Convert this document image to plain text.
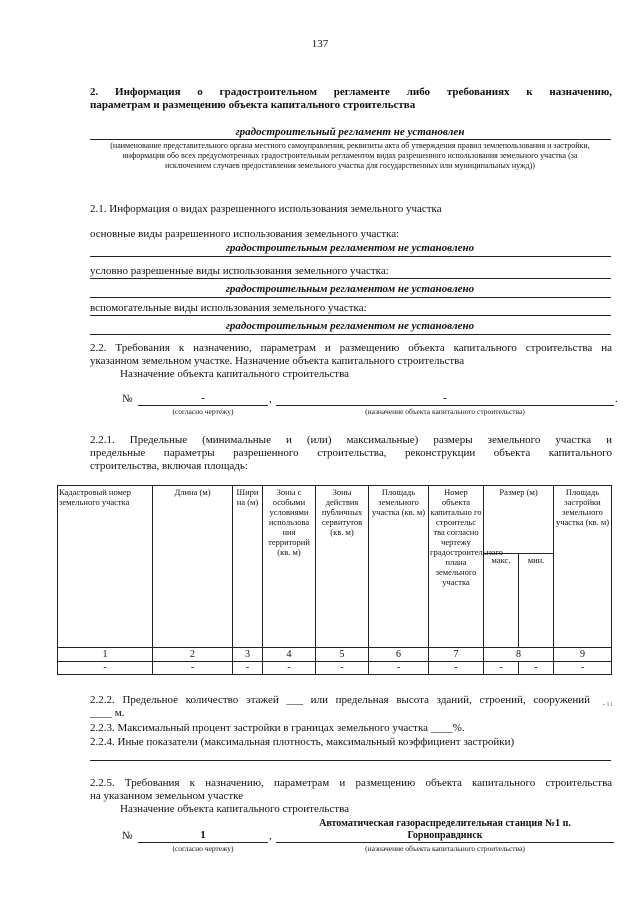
137
2. Информация о градостроительном регламенте либо требованиях к назначению,
параметрам и размещению объекта капитального строительства
градостроительный регламент не установлен
(наименование представительного органа местного самоуправления, реквизиты акта об утверждения правил землепользования и застройки, информация обо всех предусмотренных градостроительным регламентом видах разрешенного использования земельного участка (за исключением случаев предоставления земельного участка для государственных или муниципальных нужд))
2.1. Информация о видах разрешенного использования земельного участка
основные виды разрешенного использования земельного участка:
градостроительным регламентом не установлено
условно разрешенные виды использования земельного участка:
градостроительным регламентом не установлено
вспомогательные виды использования земельного участка:
градостроительным регламентом не установлено
2.2. Требования к назначению, параметрам и размещению объекта капитального строительства на
указанном земельном участке. Назначение объекта капитального строительства
Назначение объекта капитального строительства
№	-	,	-	.
(согласно чертежу)	(назначение объекта капитального строительства)
2.2.1. Предельные (минимальные и (или) максимальные) размеры земельного участка и
предельные параметры разрешенного строительства, реконструкции объекта капитального
строительства, включая площадь:
Кадастровый номер земельного участка	Длина (м)	Шири на (м)	Зоны с особыми условиями использова ния территорий (кв. м)	Зоны действия публичных сервитутов (кв. м)	Площадь земельного участка (кв. м)	Номер объекта капитально го строительс тва согласно чертежу градостроительного плана земельного участка	Размер (м)		Площадь застройки земельного участка (кв. м)
							макс.	мин.	
1	2	3	4	5	6	7	8		9
-	-	-	-	-	-	-	-	-	-
2.2.2. Предельное количество этажей ___ или предельная высота зданий, строений, сооружений
____ м.
- ι ι
2.2.3. Максимальный процент застройки в границах земельного участка ____%.
2.2.4. Иные показатели (максимальная плотность, максимальный коэффициент застройки)
2.2.5. Требования к назначению, параметрам и размещению объекта капитального строительства
на указанном земельном участке
Назначение объекта капитального строительства
Автоматическая газораспределительная станция №1 п.
№	1	,	Горноправдинск
(согласно чертежу)	(назначение объекта капитального строительства)
